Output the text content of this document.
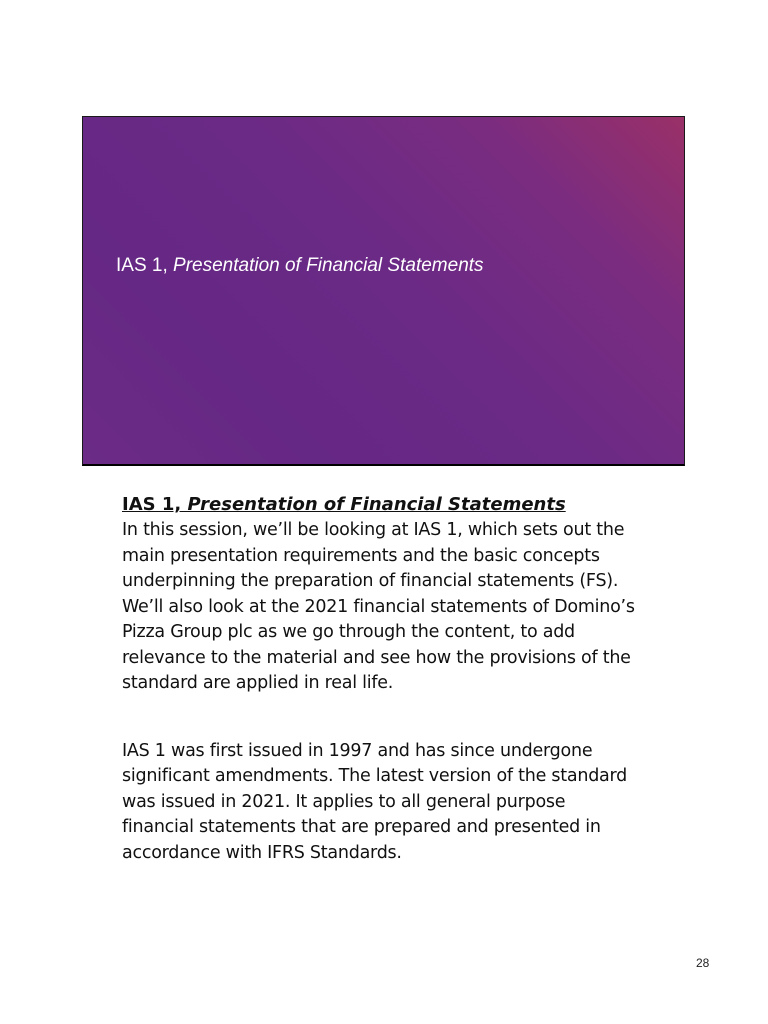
IAS 1, Presentation of Financial Statements

IAS 1, Presentation of Financial Statements

In this session, we’ll be looking at IAS 1, which sets out the main presentation requirements and the basic concepts underpinning the preparation of financial statements (FS). We’ll also look at the 2021 financial statements of Domino’s Pizza Group plc as we go through the content, to add relevance to the material and see how the provisions of the standard are applied in real life.

IAS 1 was first issued in 1997 and has since undergone significant amendments. The latest version of the standard was issued in 2021. It applies to all general purpose financial statements that are prepared and presented in accordance with IFRS Standards.

28
